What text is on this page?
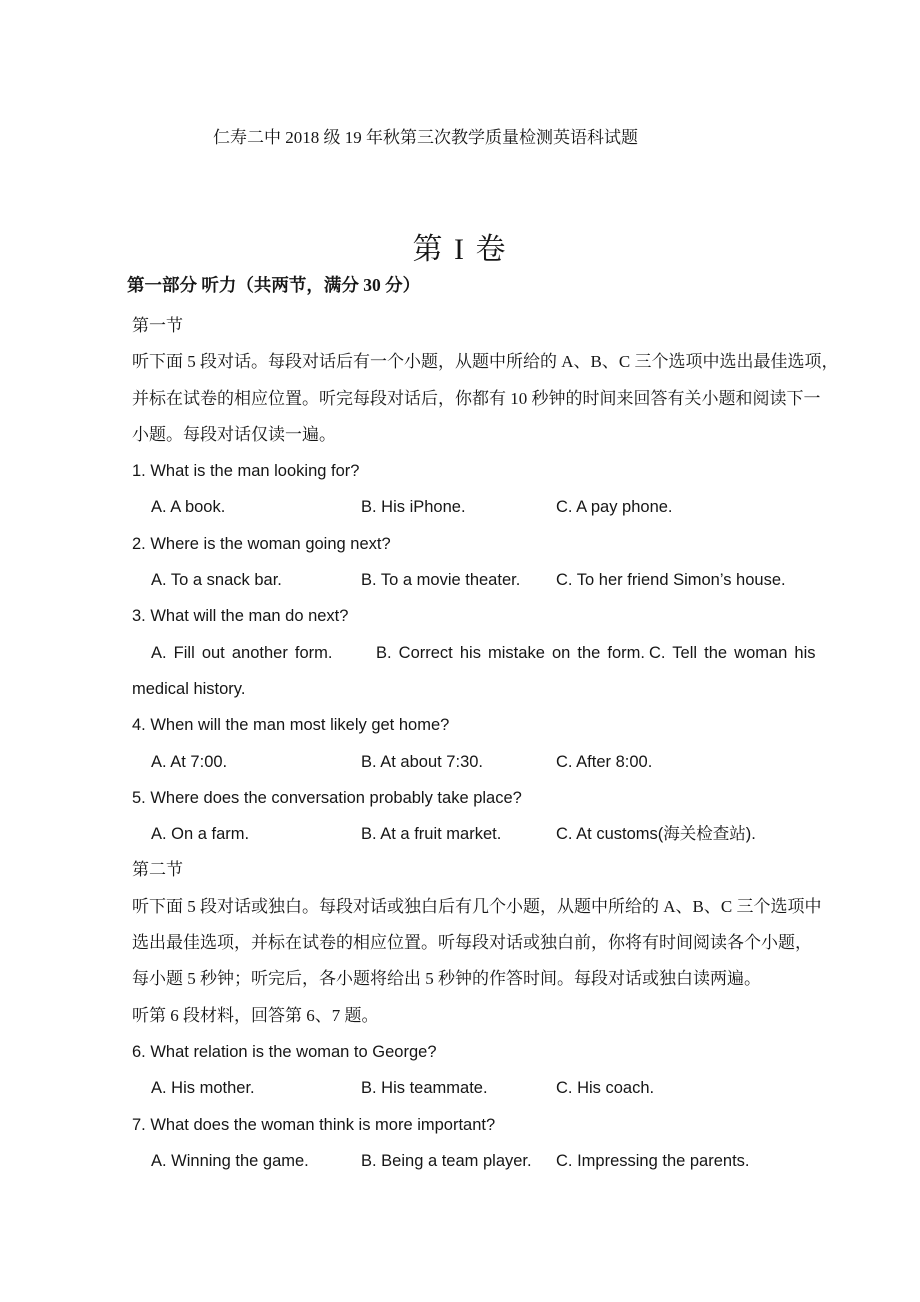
仁寿二中 2018 级 19 年秋第三次教学质量检测英语科试题
第 I 卷
第一部分 听力（共两节，满分 30 分）
第一节
听下面 5 段对话。每段对话后有一个小题，从题中所给的 A、B、C 三个选项中选出最佳选项，
并标在试卷的相应位置。听完每段对话后，你都有 10 秒钟的时间来回答有关小题和阅读下一
小题。每段对话仅读一遍。
1. What is the man looking for?
A. A book.	B. His iPhone.	C. A pay phone.
2. Where is the woman going next?
A. To a snack bar.	B. To a movie theater.	C. To her friend Simon’s house.
3. What will the man do next?
A. Fill out another form.	B. Correct his mistake on the form. C. Tell the woman his
medical history.
4. When will the man most likely get home?
A. At 7:00.	B. At about 7:30.	C. After 8:00.
5. Where does the conversation probably take place?
A. On a farm.	B. At a fruit market.	C. At customs(海关检查站).
第二节
听下面 5 段对话或独白。每段对话或独白后有几个小题，从题中所给的 A、B、C 三个选项中
选出最佳选项，并标在试卷的相应位置。听每段对话或独白前，你将有时间阅读各个小题，
每小题 5 秒钟；听完后，各小题将给出 5 秒钟的作答时间。每段对话或独白读两遍。
听第 6 段材料，回答第 6、7 题。
6. What relation is the woman to George?
A. His mother.	B. His teammate.	C. His coach.
7. What does the woman think is more important?
A. Winning the game.	B. Being a team player.	C. Impressing the parents.
